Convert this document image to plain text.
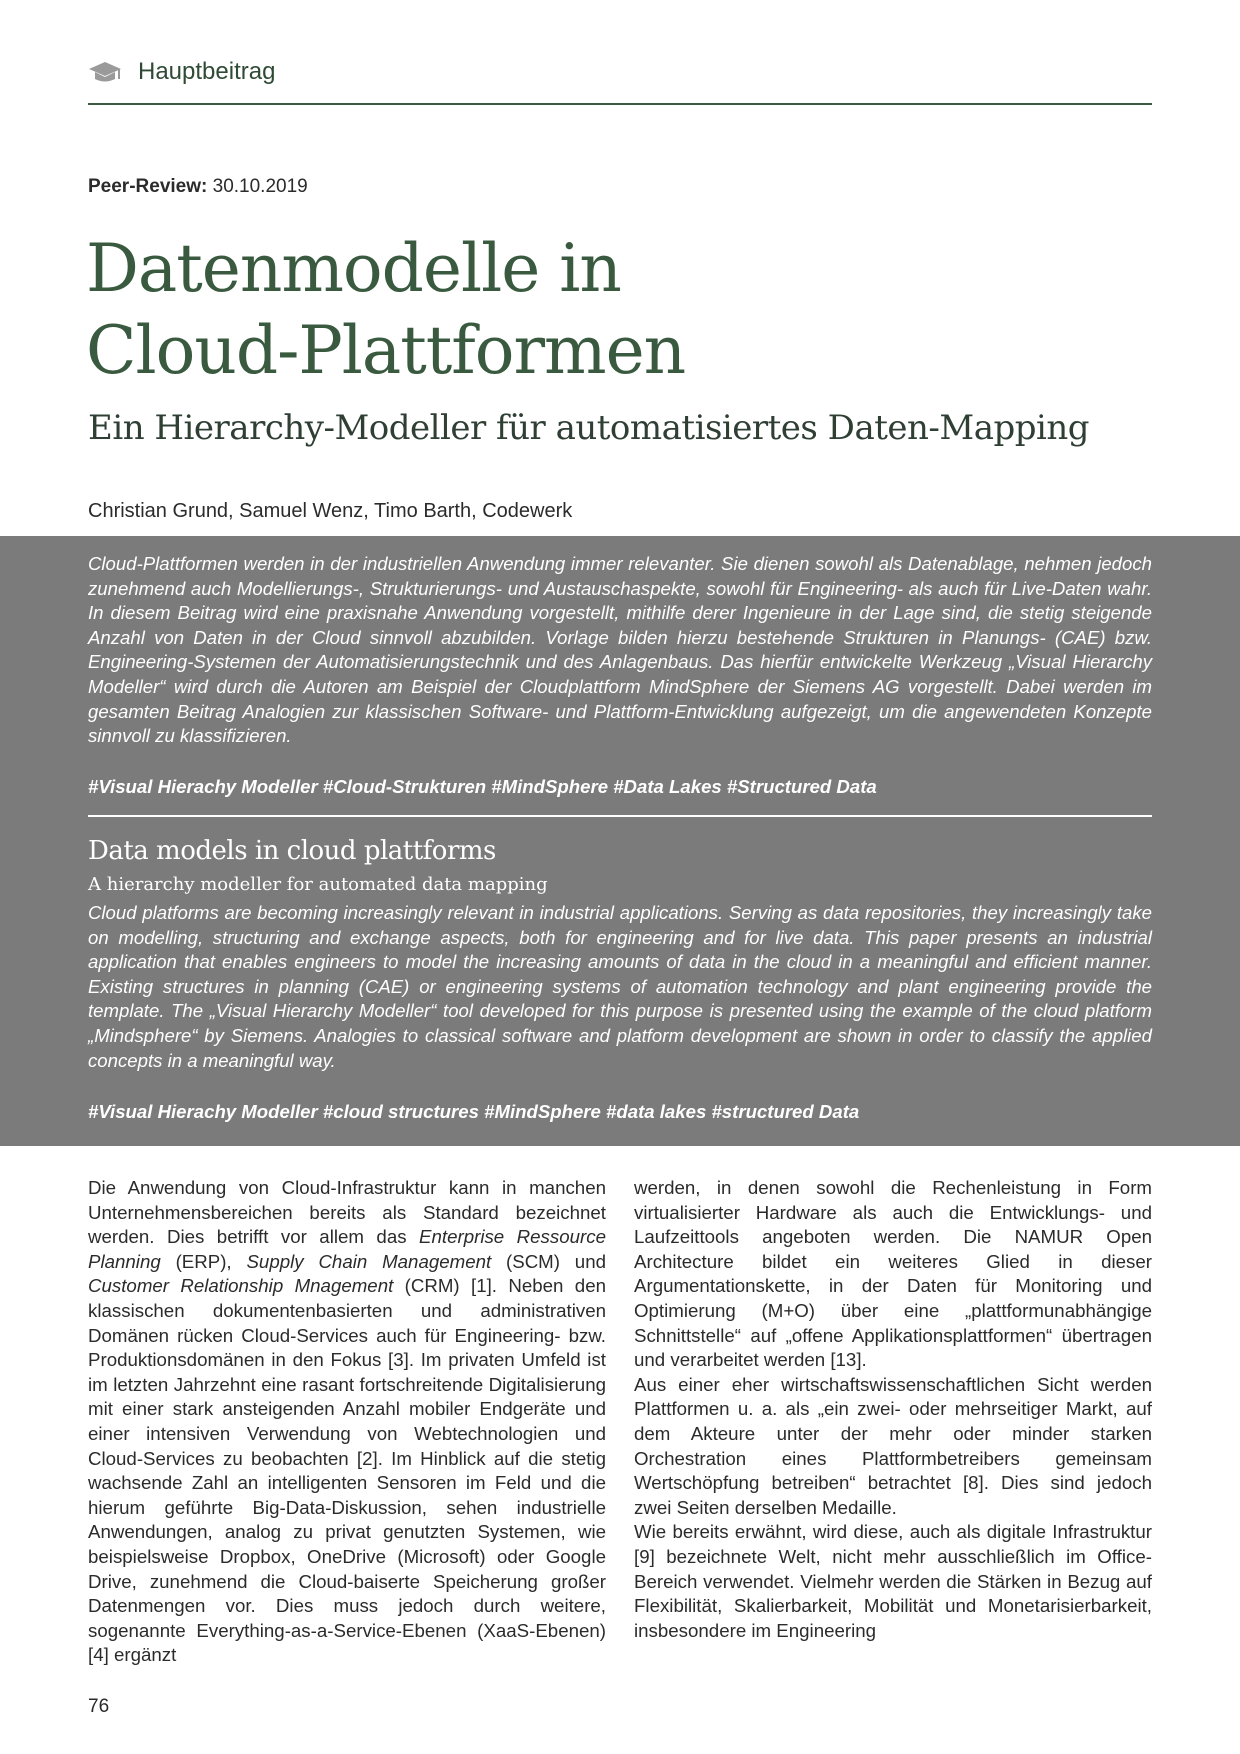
Hauptbeitrag
Peer-Review: 30.10.2019
Datenmodelle in
Cloud-Plattformen
Ein Hierarchy-Modeller für automatisiertes Daten-Mapping
Christian Grund, Samuel Wenz, Timo Barth, Codewerk

Cloud-Plattformen werden in der industriellen Anwendung immer relevanter. Sie dienen sowohl als Datenablage, nehmen jedoch zunehmend auch Modellierungs-, Strukturierungs- und Austauschaspekte, sowohl für Engineering- als auch für Live-Daten wahr. In diesem Beitrag wird eine praxisnahe Anwendung vorgestellt, mithilfe derer Ingenieure in der Lage sind, die stetig steigende Anzahl von Daten in der Cloud sinnvoll abzubilden. Vorlage bilden hierzu bestehende Strukturen in Planungs- (CAE) bzw. Engineering-Systemen der Automatisierungstechnik und des Anlagenbaus. Das hierfür entwickelte Werkzeug „Visual Hierarchy Modeller“ wird durch die Autoren am Beispiel der Cloudplattform MindSphere der Siemens AG vorgestellt. Dabei werden im gesamten Beitrag Analogien zur klassischen Software- und Plattform-Entwicklung aufgezeigt, um die angewendeten Konzepte sinnvoll zu klassifizieren.

#Visual Hierachy Modeller #Cloud-Strukturen #MindSphere #Data Lakes #Structured Data
Data models in cloud plattforms
A hierarchy modeller for automated data mapping

Cloud platforms are becoming increasingly relevant in industrial applications. Serving as data repositories, they increasingly take on modelling, structuring and exchange aspects, both for engineering and for live data. This paper presents an industrial application that enables engineers to model the increasing amounts of data in the cloud in a meaningful and efficient manner. Existing structures in planning (CAE) or engineering systems of automation technology and plant engineering provide the template. The „Visual Hierarchy Modeller“ tool developed for this purpose is presented using the example of the cloud platform „Mindsphere“ by Siemens. Analogies to classical software and platform development are shown in order to classify the applied concepts in a meaningful way.

#Visual Hierachy Modeller #cloud structures #MindSphere #data lakes #structured Data

Die Anwendung von Cloud-Infrastruktur kann in manchen Unternehmensbereichen bereits als Standard bezeichnet werden. Dies betrifft vor allem das Enterprise Ressource Planning (ERP), Supply Chain Management (SCM) und Customer Relationship Mnagement (CRM) [1]. Neben den klassischen dokumentenbasierten und administrativen Domänen rücken Cloud-Services auch für Engineering- bzw. Produktionsdomänen in den Fokus [3]. Im privaten Umfeld ist im letzten Jahrzehnt eine rasant fortschreitende Digitalisierung mit einer stark ansteigenden Anzahl mobiler Endgeräte und einer intensiven Verwendung von Webtechnologien und Cloud-Services zu beobachten [2]. Im Hinblick auf die stetig wachsende Zahl an intelligenten Sensoren im Feld und die hierum geführte Big-Data-Diskussion, sehen industrielle Anwendungen, analog zu privat genutzten Systemen, wie beispielsweise Dropbox, OneDrive (Microsoft) oder Google Drive, zunehmend die Cloud-baiserte Speicherung großer Datenmengen vor. Dies muss jedoch durch weitere, sogenannte Everything-as-a-Service-Ebenen (XaaS-Ebenen) [4] ergänzt

werden, in denen sowohl die Rechenleistung in Form virtualisierter Hardware als auch die Entwicklungs- und Laufzeittools angeboten werden. Die NAMUR Open Architecture bildet ein weiteres Glied in dieser Argumentationskette, in der Daten für Monitoring und Optimierung (M+O) über eine „plattformunabhängige Schnittstelle“ auf „offene Applikationsplattformen“ übertragen und verarbeitet werden [13].

Aus einer eher wirtschaftswissenschaftlichen Sicht werden Plattformen u. a. als „ein zwei- oder mehrseitiger Markt, auf dem Akteure unter der mehr oder minder starken Orchestration eines Plattformbetreibers gemeinsam Wertschöpfung betreiben“ betrachtet [8]. Dies sind jedoch zwei Seiten derselben Medaille.

Wie bereits erwähnt, wird diese, auch als digitale Infrastruktur [9] bezeichnete Welt, nicht mehr ausschließlich im Office-Bereich verwendet. Vielmehr werden die Stärken in Bezug auf Flexibilität, Skalierbarkeit, Mobilität und Monetarisierbarkeit, insbesondere im Engineering

76
